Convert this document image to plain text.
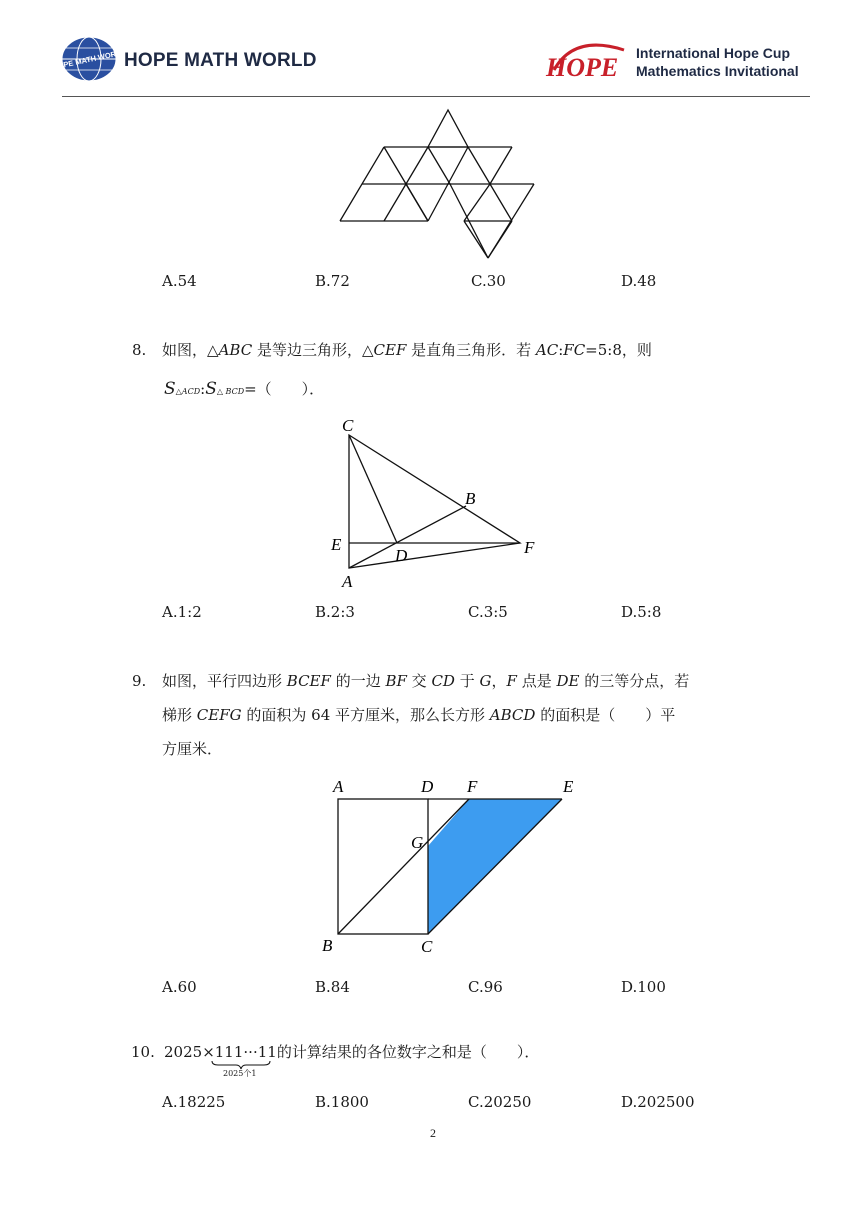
HOPE MATH WORLD
HOPE MATH WORLD	HOPE International Hope Cup
Mathematics Invitational
A.54	B.72	C.30	D.48
8. 如图，△ABC 是等边三角形，△CEF 是直角三角形．若 AC:FC=5:8，则
S△ACD:S△ BCD=（　　）．
C
B
E
D	F
A
A.1:2	B.2:3	C.3:5	D.5:8
9. 如图，平行四边形 BCEF 的一边 BF 交 CD 于 G，F 点是 DE 的三等分点，若
梯形 CEFG 的面积为 64 平方厘米，那么长方形 ABCD 的面积是（　　）平
方厘米．
A	D F	E
G
B	C
A.60	B.84	C.96	D.100
10. 2025×111···11的计算结果的各位数字之和是（　　）．
2025个1
A.18225	B.1800	C.20250	D.202500
2
